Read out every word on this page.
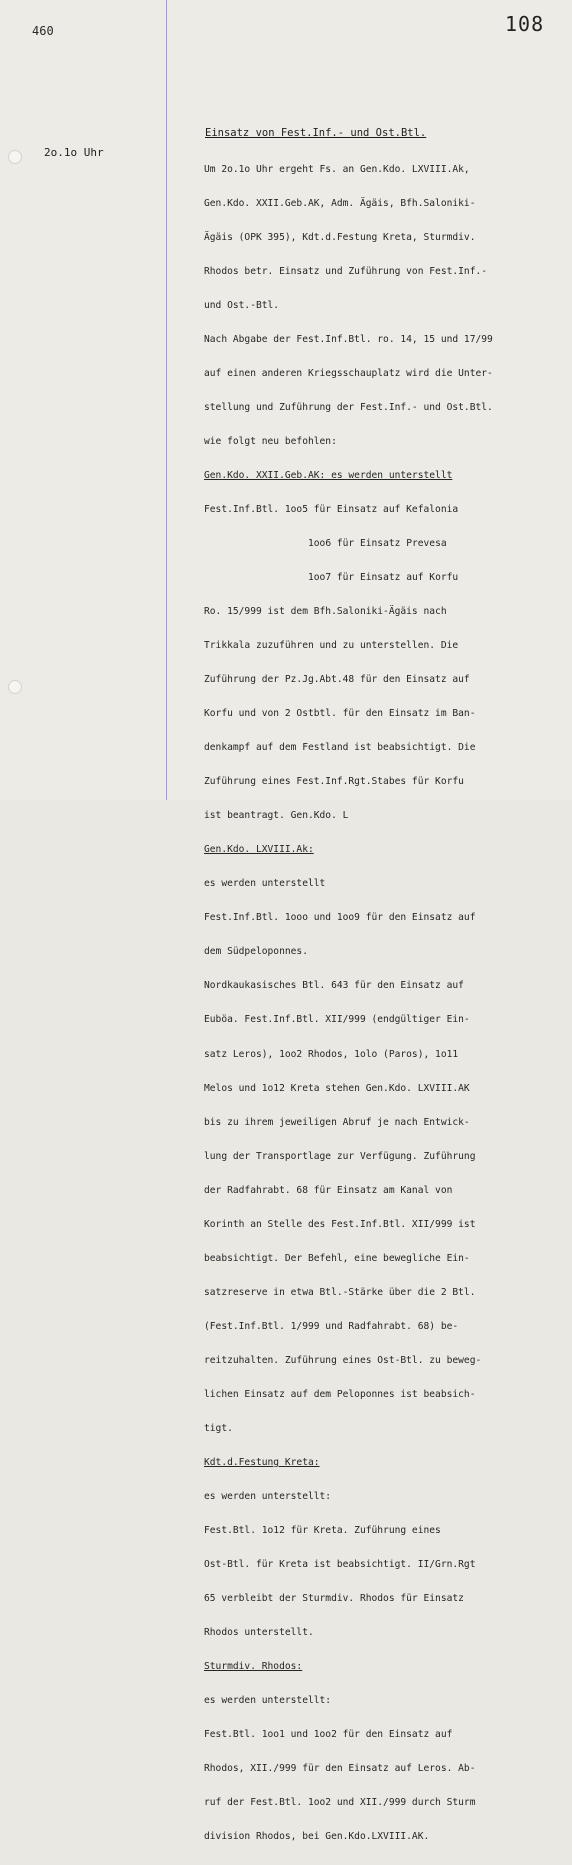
460	108
2o.1o Uhr
Einsatz von Fest.Inf.- und Ost.Btl.

Um 2o.1o Uhr ergeht Fs. an Gen.Kdo. LXVIII.Ak,

Gen.Kdo. XXII.Geb.AK, Adm. Ägäis, Bfh.Saloniki-

Ägäis (OPK 395), Kdt.d.Festung Kreta, Sturmdiv.

Rhodos betr. Einsatz und Zuführung von Fest.Inf.-

und Ost.-Btl.

Nach Abgabe der Fest.Inf.Btl. ro. 14, 15 und 17/99

auf einen anderen Kriegsschauplatz wird die Unter-

stellung und Zuführung der Fest.Inf.- und Ost.Btl.

wie folgt neu befohlen:

Gen.Kdo. XXII.Geb.AK: es werden unterstellt

Fest.Inf.Btl. 1oo5 für Einsatz auf Kefalonia

1oo6 für Einsatz Prevesa

1oo7 für Einsatz auf Korfu

Ro. 15/999 ist dem Bfh.Saloniki-Ägäis nach

Trikkala zuzuführen und zu unterstellen. Die

Zuführung der Pz.Jg.Abt.48 für den Einsatz auf

Korfu und von 2 Ostbtl. für den Einsatz im Ban-

denkampf auf dem Festland ist beabsichtigt. Die

Zuführung eines Fest.Inf.Rgt.Stabes für Korfu

ist beantragt. Gen.Kdo. L

Gen.Kdo. LXVIII.Ak:

es werden unterstellt

Fest.Inf.Btl. 1ooo und 1oo9 für den Einsatz auf

dem Südpeloponnes.

Nordkaukasisches Btl. 643 für den Einsatz auf

Euböa. Fest.Inf.Btl. XII/999 (endgültiger Ein-

satz Leros), 1oo2 Rhodos, 1olo (Paros), 1o11

Melos und 1o12 Kreta stehen Gen.Kdo. LXVIII.AK

bis zu ihrem jeweiligen Abruf je nach Entwick-

lung der Transportlage zur Verfügung. Zuführung

der Radfahrabt. 68 für Einsatz am Kanal von

Korinth an Stelle des Fest.Inf.Btl. XII/999 ist

beabsichtigt. Der Befehl, eine bewegliche Ein-

satzreserve in etwa Btl.-Stärke über die 2 Btl.

(Fest.Inf.Btl. 1/999 und Radfahrabt. 68) be-

reitzuhalten. Zuführung eines Ost-Btl. zu beweg-

lichen Einsatz auf dem Peloponnes ist beabsich-

tigt.

Kdt.d.Festung Kreta:

es werden unterstellt:

Fest.Btl. 1o12 für Kreta. Zuführung eines

Ost-Btl. für Kreta ist beabsichtigt. II/Grn.Rgt

65 verbleibt der Sturmdiv. Rhodos für Einsatz

Rhodos unterstellt.

Sturmdiv. Rhodos:

es werden unterstellt:

Fest.Btl. 1oo1 und 1oo2 für den Einsatz auf

Rhodos, XII./999 für den Einsatz auf Leros. Ab-

ruf der Fest.Btl. 1oo2 und XII./999 durch Sturm

division Rhodos, bei Gen.Kdo.LXVIII.AK.
